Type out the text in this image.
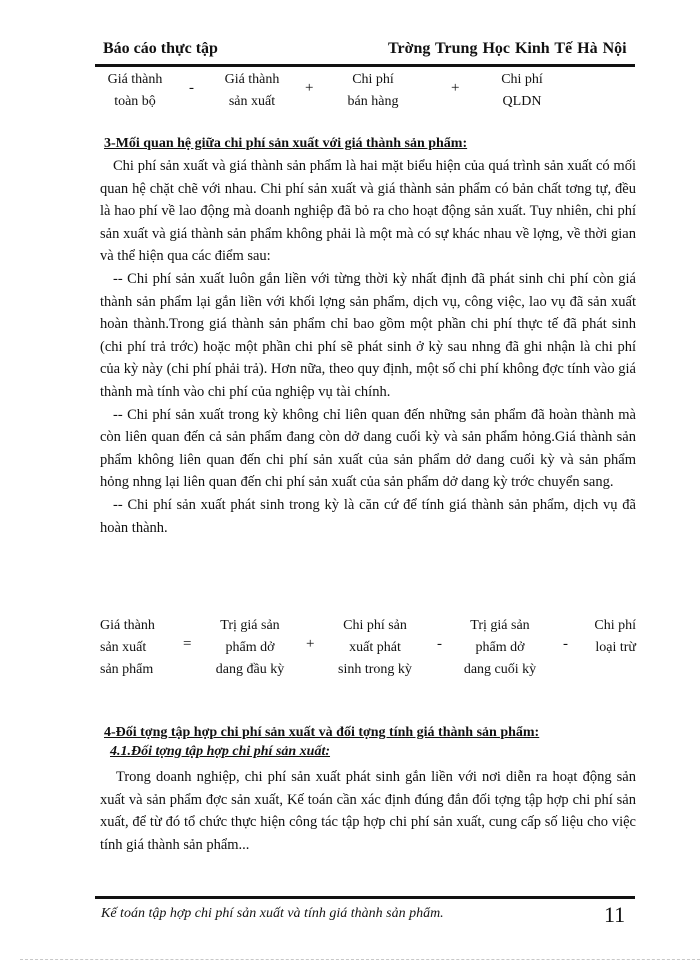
Báo cáo thực tập	Trờng Trung Học Kinh Tế Hà Nội
Giá thành
toàn bộ
-
Giá thành
sản xuất
+
Chi phí
bán hàng
+
Chi phí
QLDN
3-Mối quan hệ giữa chi phí sản xuất với giá thành sản phẩm:

Chi phí sản xuất và giá thành sản phẩm là hai mặt biểu hiện của quá trình sản xuất có mối quan hệ chặt chẽ với nhau. Chi phí sản xuất và giá thành sản phẩm có bản chất tơng tự, đều là hao phí về lao động mà doanh nghiệp đã bỏ ra cho hoạt động sản xuất. Tuy nhiên, chi phí sản xuất và giá thành sản phẩm không phải là một mà có sự khác nhau về lợng, về thời gian và thể hiện qua các điểm sau:

-- Chi phí sản xuất luôn gắn liền với từng thời kỳ nhất định đã phát sinh chi phí còn giá thành sản phẩm lại gắn liền với khối lợng sản phẩm, dịch vụ, công việc, lao vụ đã sản xuất hoàn thành.Trong giá thành sản phẩm chỉ bao gồm một phần chi phí thực tế đã phát sinh (chi phí trả trớc) hoặc một phần chi phí sẽ phát sinh ở kỳ sau nhng đã ghi nhận là chi phí của kỳ này (chi phí phải trả). Hơn nữa, theo quy định, một số chi phí không đợc tính vào giá thành mà tính vào chi phí của nghiệp vụ tài chính.

-- Chi phí sản xuất trong kỳ không chỉ liên quan đến những sản phẩm đã hoàn thành mà còn liên quan đến cả sản phẩm đang còn dở dang cuối kỳ và sản phẩm hỏng.Giá thành sản phẩm không liên quan đến chi phí sản xuất của sản phẩm dở dang cuối kỳ và sản phẩm hỏng nhng lại liên quan đến chi phí sản xuất của sản phẩm dở dang kỳ trớc chuyển sang.

-- Chi phí sản xuất phát sinh trong kỳ là căn cứ để tính giá thành sản phẩm, dịch vụ đã hoàn thành.

Giá thành
sản xuất
sản phẩm
=
Trị giá sản
phẩm dở
dang đầu kỳ
+
Chi phí sản
xuất phát
sinh trong kỳ
-
Trị giá sản
phẩm dở
dang cuối kỳ
-
Chi phí
loại trừ
4-Đối tợng tập hợp chi phí sản xuất và đối tợng tính giá thành sản phẩm:
4.1.Đối tợng tập hợp chi phí sản xuất:

Trong doanh nghiệp, chi phí sản xuất phát sinh gắn liền với nơi diễn ra hoạt động sản xuất và sản phẩm đợc sản xuất, Kế toán cần xác định đúng đắn đối tợng tập hợp chi phí sản xuất, để từ đó tổ chức thực hiện công tác tập hợp chi phí sản xuất, cung cấp số liệu cho việc tính giá thành sản phẩm...

Kế toán tập hợp chi phí sản xuất và tính giá thành sản phẩm.	11
